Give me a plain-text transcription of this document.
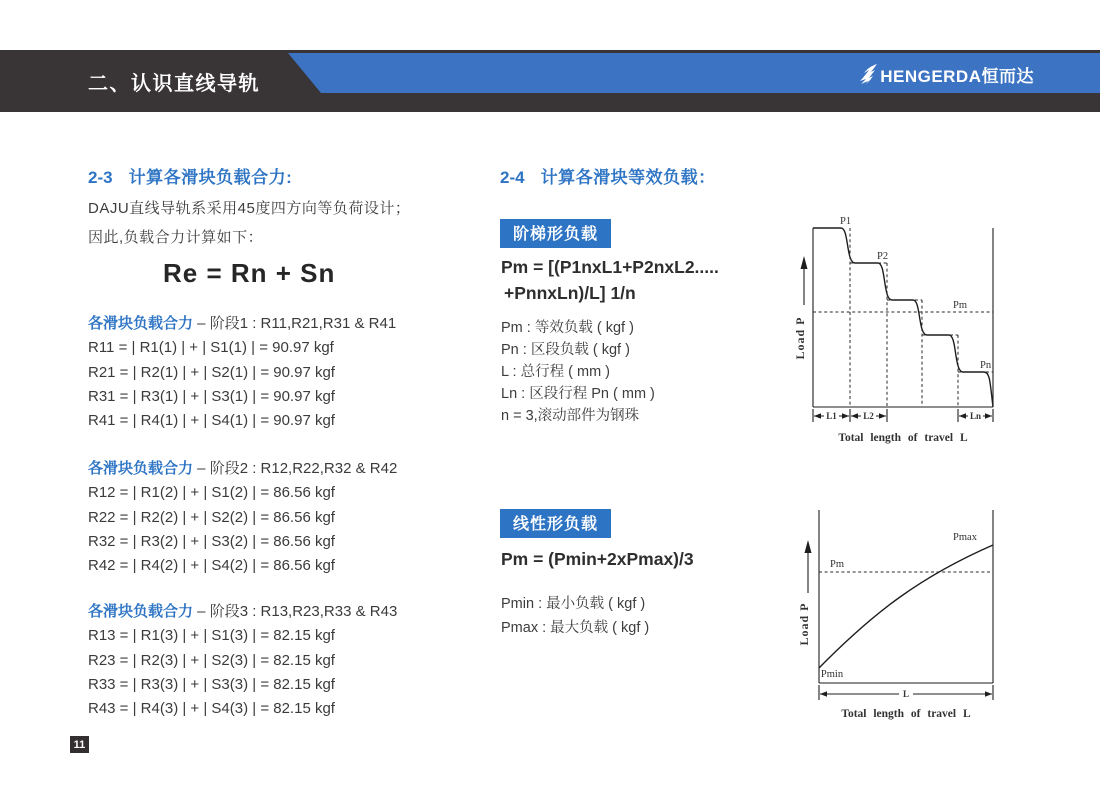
二、认识直线导轨	HENGERDA恒而达
2-3 计算各滑块负载合力:
DAJU直线导轨系采用45度四方向等负荷设计；
因此,负载合力计算如下：
Re = Rn + Sn
各滑块负载合力 – 阶段1 : R11,R21,R31 & R41
R11 = | R1(1) | + | S1(1) | = 90.97 kgf
R21 = | R2(1) | + | S2(1) | = 90.97 kgf
R31 = | R3(1) | + | S3(1) | = 90.97 kgf
R41 = | R4(1) | + | S4(1) | = 90.97 kgf
各滑块负载合力 – 阶段2 : R12,R22,R32 & R42
R12 = | R1(2) | + | S1(2) | = 86.56 kgf
R22 = | R2(2) | + | S2(2) | = 86.56 kgf
R32 = | R3(2) | + | S3(2) | = 86.56 kgf
R42 = | R4(2) | + | S4(2) | = 86.56 kgf
各滑块负载合力 – 阶段3 : R13,R23,R33 & R43
R13 = | R1(3) | + | S1(3) | = 82.15 kgf
R23 = | R2(3) | + | S2(3) | = 82.15 kgf
R33 = | R3(3) | + | S3(3) | = 82.15 kgf
R43 = | R4(3) | + | S4(3) | = 82.15 kgf
2-4 计算各滑块等效负载：
阶梯形负载
Pm = [(P1nxL1+P2nxL2.....
+PnnxLn)/L] 1/n
Pm : 等效负载 ( kgf )
Pn : 区段负载 ( kgf )
L : 总行程 ( mm )
Ln : 区段行程 Pn ( mm )
n = 3,滚动部件为钢珠
线性形负载
Pm = (Pmin+2xPmax)/3
Pmin : 最小负载 ( kgf )
Pmax : 最大负载 ( kgf )
Load P
P1
P2
Pm
Pn
L1	L2	Ln
Total length of travel L
Load P
Pm
Pmax
Pmin
L
Total length of travel L
11
